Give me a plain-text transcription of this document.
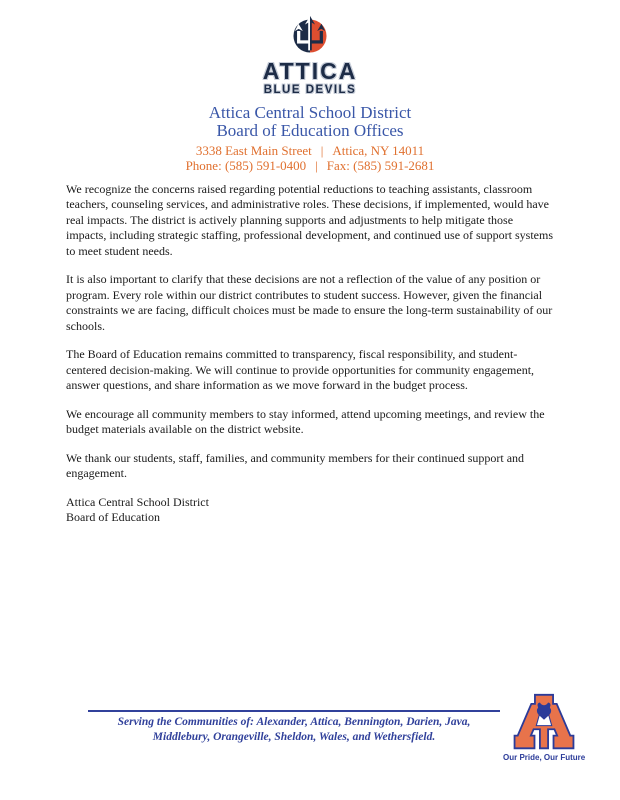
ATTICA
BLUE DEVILS
Attica Central School District
Board of Education Offices
3338 East Main Street | Attica, NY 14011
Phone: (585) 591-0400 | Fax: (585) 591-2681

We recognize the concerns raised regarding potential reductions to teaching assistants, classroom teachers, counseling services, and administrative roles. These decisions, if implemented, would have real impacts. The district is actively planning supports and adjustments to help mitigate those impacts, including strategic staffing, professional development, and continued use of support systems to meet student needs.

It is also important to clarify that these decisions are not a reflection of the value of any position or program. Every role within our district contributes to student success. However, given the financial constraints we are facing, difficult choices must be made to ensure the long-term sustainability of our schools.

The Board of Education remains committed to transparency, fiscal responsibility, and student-centered decision-making. We will continue to provide opportunities for community engagement, answer questions, and share information as we move forward in the budget process.

We encourage all community members to stay informed, attend upcoming meetings, and review the budget materials available on the district website.

We thank our students, staff, families, and community members for their continued support and engagement.

Attica Central School District
Board of Education
Serving the Communities of: Alexander, Attica, Bennington, Darien, Java,
Middlebury, Orangeville, Sheldon, Wales, and Wethersfield.
Our Pride, Our Future
